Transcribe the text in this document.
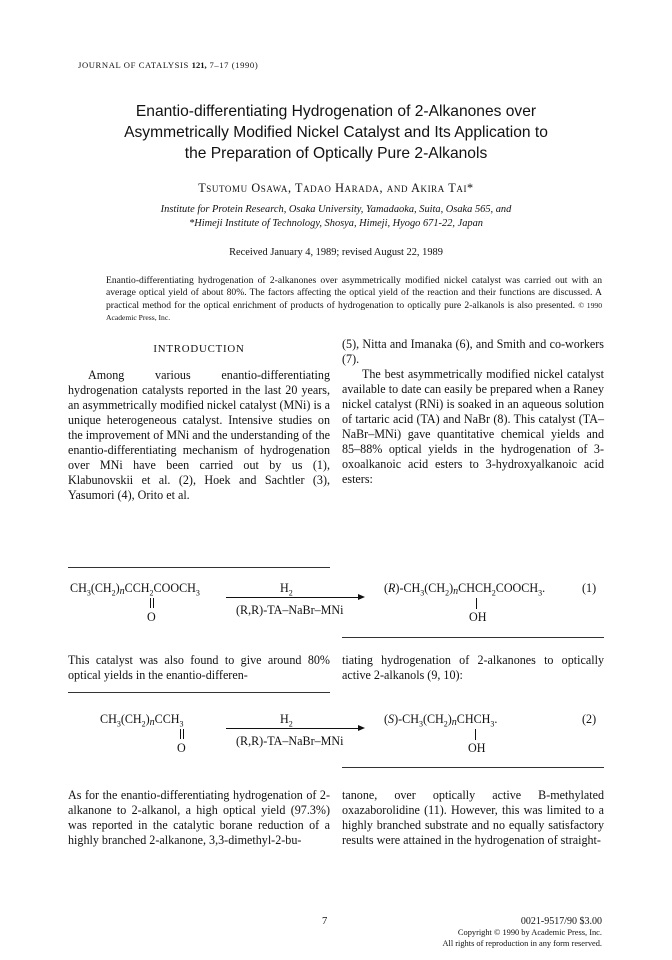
JOURNAL OF CATALYSIS 121, 7–17 (1990)
Enantio-differentiating Hydrogenation of 2-Alkanones over
Asymmetrically Modified Nickel Catalyst and Its Application to
the Preparation of Optically Pure 2-Alkanols
Tsutomu Osawa, Tadao Harada, and Akira Tai*
Institute for Protein Research, Osaka University, Yamadaoka, Suita, Osaka 565, and
*Himeji Institute of Technology, Shosya, Himeji, Hyogo 671-22, Japan
Received January 4, 1989; revised August 22, 1989
Enantio-differentiating hydrogenation of 2-alkanones over asymmetrically modified nickel catalyst was carried out with an average optical yield of about 80%. The factors affecting the optical yield of the reaction and their functions are discussed. A practical method for the optical enrichment of products of hydrogenation to optically pure 2-alkanols is also presented. © 1990 Academic Press, Inc.
INTRODUCTION
Among various enantio-differentiating hydrogenation catalysts reported in the last 20 years, an asymmetrically modified nickel catalyst (MNi) is a unique heterogeneous catalyst. Intensive studies on the improvement of MNi and the understanding of the enantio-differentiating mechanism of hydrogenation over MNi have been carried out by us (1), Klabunovskii et al. (2), Hoek and Sachtler (3), Yasumori (4), Orito et al.
(5), Nitta and Imanaka (6), and Smith and co-workers (7).
The best asymmetrically modified nickel catalyst available to date can easily be prepared when a Raney nickel catalyst (RNi) is soaked in an aqueous solution of tartaric acid (TA) and NaBr (8). This catalyst (TA–NaBr–MNi) gave quantitative chemical yields and 85–88% optical yields in the hydrogenation of 3-oxoalkanoic acid esters to 3-hydroxyalkanoic acid esters:
$CH_3(CH_2)nCCH_2COOCH_3$	$H_2$
(R,R)-TA–NaBr–MNi
$(R)-CH_3(CH_2)nCHCH_2COOCH_3$.	(1)
O	OH
This catalyst was also found to give around 80% optical yields in the enantio-differen-
tiating hydrogenation of 2-alkanones to optically active 2-alkanols (9, 10):
$CH_3(CH_2)nCCH_3$	$H_2$
(R,R)-TA–NaBr–MNi
$(S)-CH_3(CH_2)nCHCH_3$.	(2)
O	OH
As for the enantio-differentiating hydrogenation of 2-alkanone to 2-alkanol, a high optical yield (97.3%) was reported in the catalytic borane reduction of a highly branched 2-alkanone, 3,3-dimethyl-2-bu-
tanone, over optically active B-methylated oxazaborolidine (11). However, this was limited to a highly branched substrate and no equally satisfactory results were attained in the hydrogenation of straight-
7	0021-9517/90 $3.00
Copyright © 1990 by Academic Press, Inc.
All rights of reproduction in any form reserved.
